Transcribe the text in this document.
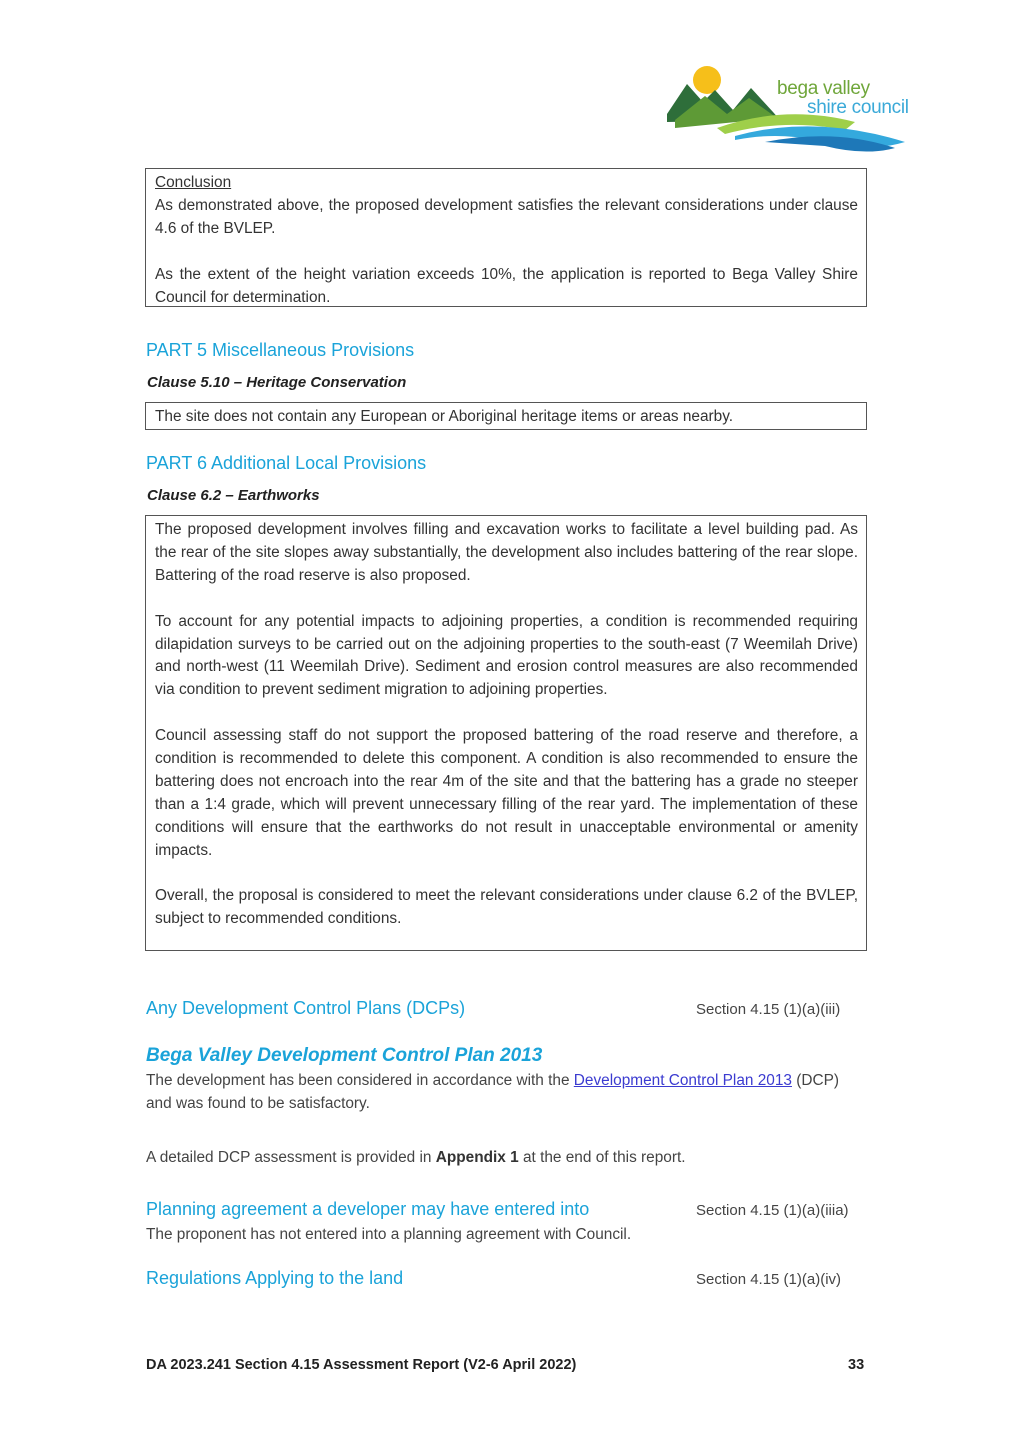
bega valley
shire council

Conclusion

As demonstrated above, the proposed development satisfies the relevant considerations under clause 4.6 of the BVLEP.

As the extent of the height variation exceeds 10%, the application is reported to Bega Valley Shire Council for determination.

PART 5 Miscellaneous Provisions
Clause 5.10 – Heritage Conservation

The site does not contain any European or Aboriginal heritage items or areas nearby.

PART 6 Additional Local Provisions
Clause 6.2 – Earthworks

The proposed development involves filling and excavation works to facilitate a level building pad. As the rear of the site slopes away substantially, the development also includes battering of the rear slope. Battering of the road reserve is also proposed.

To account for any potential impacts to adjoining properties, a condition is recommended requiring dilapidation surveys to be carried out on the adjoining properties to the south-east (7 Weemilah Drive) and north-west (11 Weemilah Drive). Sediment and erosion control measures are also recommended via condition to prevent sediment migration to adjoining properties.

Council assessing staff do not support the proposed battering of the road reserve and therefore, a condition is recommended to delete this component. A condition is also recommended to ensure the battering does not encroach into the rear 4m of the site and that the battering has a grade no steeper than a 1:4 grade, which will prevent unnecessary filling of the rear yard. The implementation of these conditions will ensure that the earthworks do not result in unacceptable environmental or amenity impacts.

Overall, the proposal is considered to meet the relevant considerations under clause 6.2 of the BVLEP, subject to recommended conditions.

Any Development Control Plans (DCPs)	Section 4.15 (1)(a)(iii)
Bega Valley Development Control Plan 2013

The development has been considered in accordance with the Development Control Plan 2013 (DCP) and was found to be satisfactory.

A detailed DCP assessment is provided in Appendix 1 at the end of this report.

Planning agreement a developer may have entered into	Section 4.15 (1)(a)(iiia)

The proponent has not entered into a planning agreement with Council.

Regulations Applying to the land	Section 4.15 (1)(a)(iv)
DA 2023.241 Section 4.15 Assessment Report (V2-6 April 2022)	33
